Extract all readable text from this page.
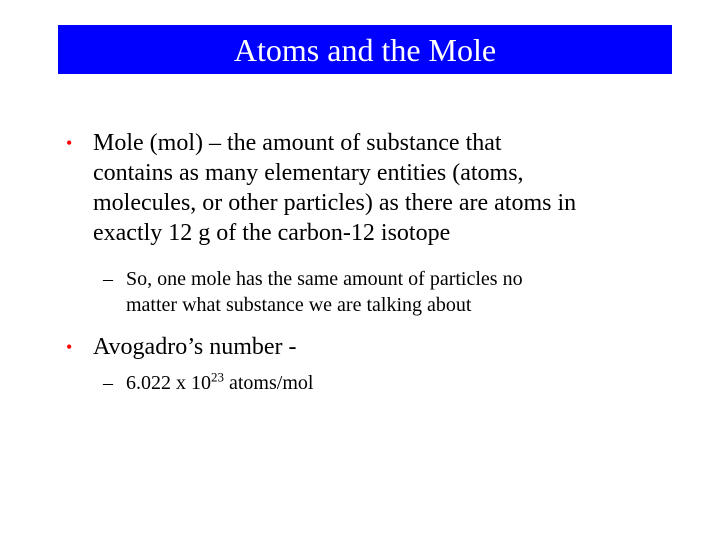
Atoms and the Mole
• Mole (mol) – the amount of substance that
contains as many elementary entities (atoms,
molecules, or other particles) as there are atoms in
exactly 12 g of the carbon-12 isotope
– So, one mole has the same amount of particles no
matter what substance we are talking about
• Avogadro’s number -
– 6.022 x $10^{23}$ atoms/mol
